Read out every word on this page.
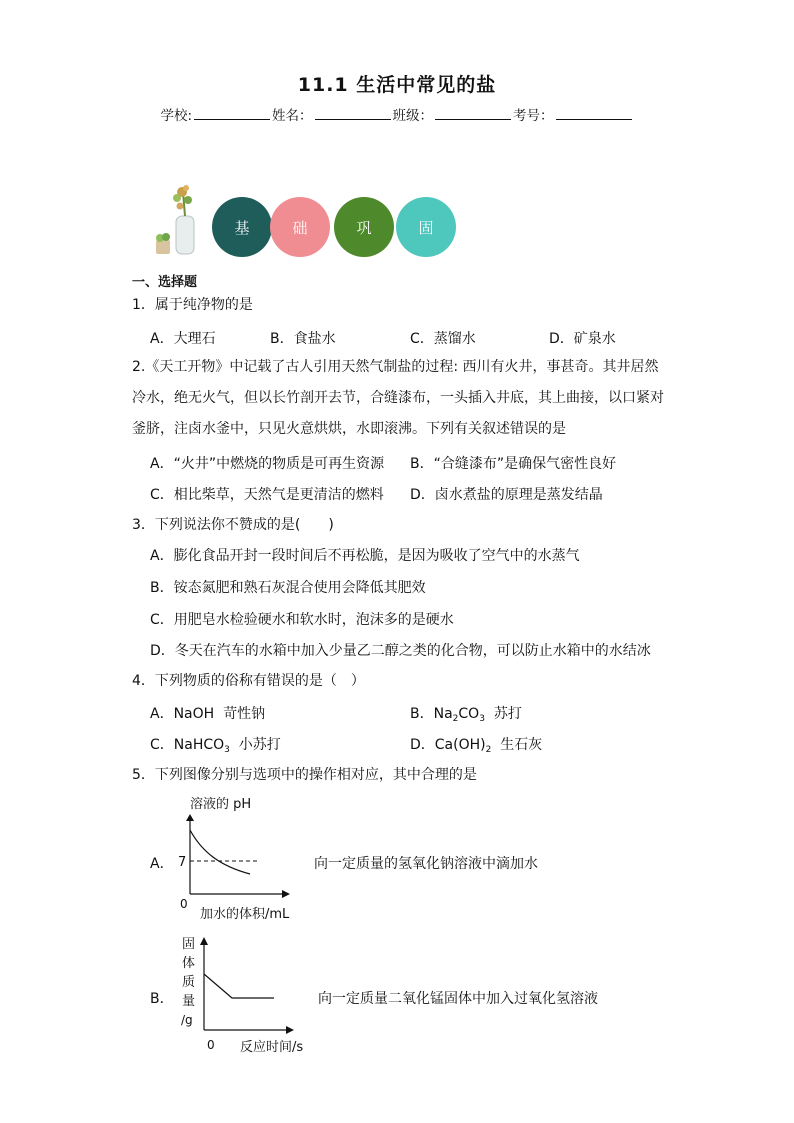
11.1 生活中常见的盐
学校:	姓名：	班级：	考号：
基	础	巩	固
一、选择题
1．属于纯净物的是
A．大理石	B．食盐水	C．蒸馏水	D．矿泉水
2.《天工开物》中记载了古人引用天然气制盐的过程: 西川有火井，事甚奇。其井居然
冷水，绝无火气，但以长竹剖开去节，合缝漆布，一头插入井底，其上曲接，以口紧对
釜脐，注卤水釜中，只见火意烘烘，水即滚沸。下列有关叙述错误的是
A．“火井”中燃烧的物质是可再生资源 B．“合缝漆布”是确保气密性良好
C．相比柴草，天然气是更清洁的燃料 D．卤水煮盐的原理是蒸发结晶
3．下列说法你不赞成的是(　　)
A．膨化食品开封一段时间后不再松脆，是因为吸收了空气中的水蒸气
B．铵态氮肥和熟石灰混合使用会降低其肥效
C．用肥皂水检验硬水和软水时，泡沫多的是硬水
D．冬天在汽车的水箱中加入少量乙二醇之类的化合物，可以防止水箱中的水结冰
4．下列物质的俗称有错误的是（　）
A．NaOH 苛性钠	B．$Na_2CO_3$ 苏打
C．NaHCO$_3$ 小苏打	D．$Ca(OH)_2$ 生石灰
5．下列图像分别与选项中的操作相对应，其中合理的是
A．
溶液的 pH
7
0
加水的体积/mL
向一定质量的氢氧化钠溶液中滴加水
B．
固
体
质
量
/g
0 反应时间/s
向一定质量二氧化锰固体中加入过氧化氢溶液
